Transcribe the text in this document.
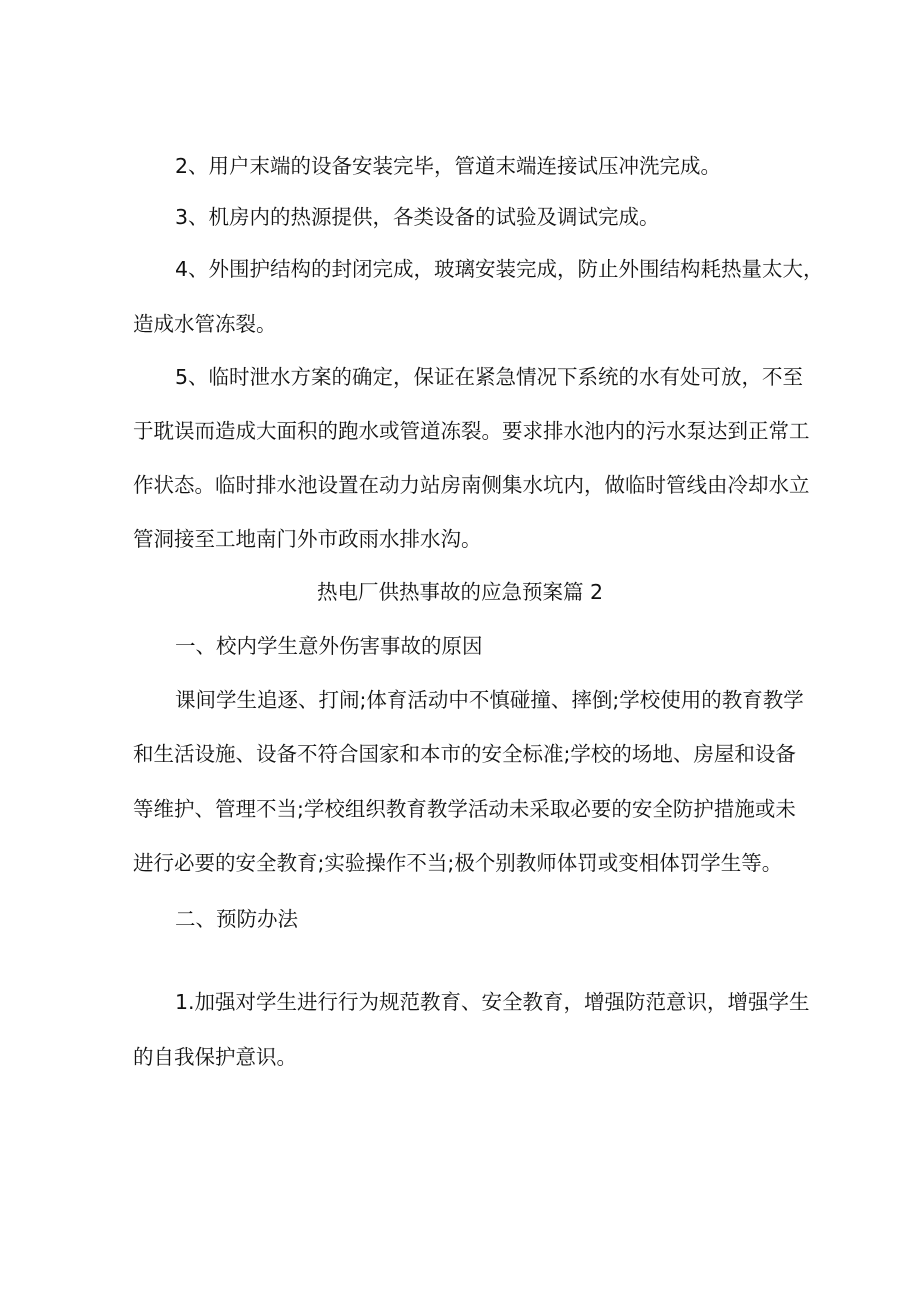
2、用户末端的设备安装完毕，管道末端连接试压冲洗完成。
3、机房内的热源提供，各类设备的试验及调试完成。
4、外围护结构的封闭完成，玻璃安装完成，防止外围结构耗热量太大，
造成水管冻裂。
5、临时泄水方案的确定，保证在紧急情况下系统的水有处可放，不至
于耽误而造成大面积的跑水或管道冻裂。要求排水池内的污水泵达到正常工
作状态。临时排水池设置在动力站房南侧集水坑内，做临时管线由冷却水立
管洞接至工地南门外市政雨水排水沟。
热电厂供热事故的应急预案篇 2
一、校内学生意外伤害事故的原因
课间学生追逐、打闹;体育活动中不慎碰撞、摔倒;学校使用的教育教学
和生活设施、设备不符合国家和本市的安全标准;学校的场地、房屋和设备
等维护、管理不当;学校组织教育教学活动未采取必要的安全防护措施或未
进行必要的安全教育;实验操作不当;极个别教师体罚或变相体罚学生等。
二、预防办法
1.加强对学生进行行为规范教育、安全教育，增强防范意识，增强学生
的自我保护意识。
